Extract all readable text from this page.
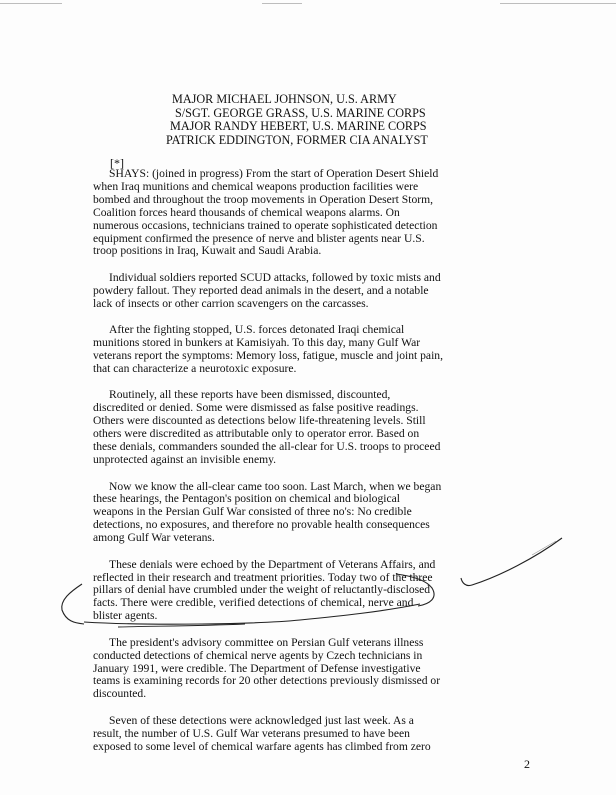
MAJOR MICHAEL JOHNSON, U.S. ARMY
S/SGT. GEORGE GRASS, U.S. MARINE CORPS
MAJOR RANDY HEBERT, U.S. MARINE CORPS
PATRICK EDDINGTON, FORMER CIA ANALYST
[*]

SHAYS: (joined in progress) From the start of Operation Desert Shield when Iraq munitions and chemical weapons production facilities were bombed and throughout the troop movements in Operation Desert Storm, Coalition forces heard thousands of chemical weapons alarms. On numerous occasions, technicians trained to operate sophisticated detection equipment confirmed the presence of nerve and blister agents near U.S. troop positions in Iraq, Kuwait and Saudi Arabia.

Individual soldiers reported SCUD attacks, followed by toxic mists and powdery fallout. They reported dead animals in the desert, and a notable lack of insects or other carrion scavengers on the carcasses.

After the fighting stopped, U.S. forces detonated Iraqi chemical munitions stored in bunkers at Kamisiyah. To this day, many Gulf War veterans report the symptoms: Memory loss, fatigue, muscle and joint pain, that can characterize a neurotoxic exposure.

Routinely, all these reports have been dismissed, discounted, discredited or denied. Some were dismissed as false positive readings. Others were discounted as detections below life-threatening levels. Still others were discredited as attributable only to operator error. Based on these denials, commanders sounded the all-clear for U.S. troops to proceed unprotected against an invisible enemy.

Now we know the all-clear came too soon. Last March, when we began these hearings, the Pentagon's position on chemical and biological weapons in the Persian Gulf War consisted of three no's: No credible detections, no exposures, and therefore no provable health consequences among Gulf War veterans.

These denials were echoed by the Department of Veterans Affairs, and reflected in their research and treatment priorities. Today two of the three pillars of denial have crumbled under the weight of reluctantly-disclosed facts. There were credible, verified detections of chemical, nerve and blister agents.

The president's advisory committee on Persian Gulf veterans illness conducted detections of chemical nerve agents by Czech technicians in January 1991, were credible. The Department of Defense investigative teams is examining records for 20 other detections previously dismissed or discounted.

Seven of these detections were acknowledged just last week. As a result, the number of U.S. Gulf War veterans presumed to have been exposed to some level of chemical warfare agents has climbed from zero

2
